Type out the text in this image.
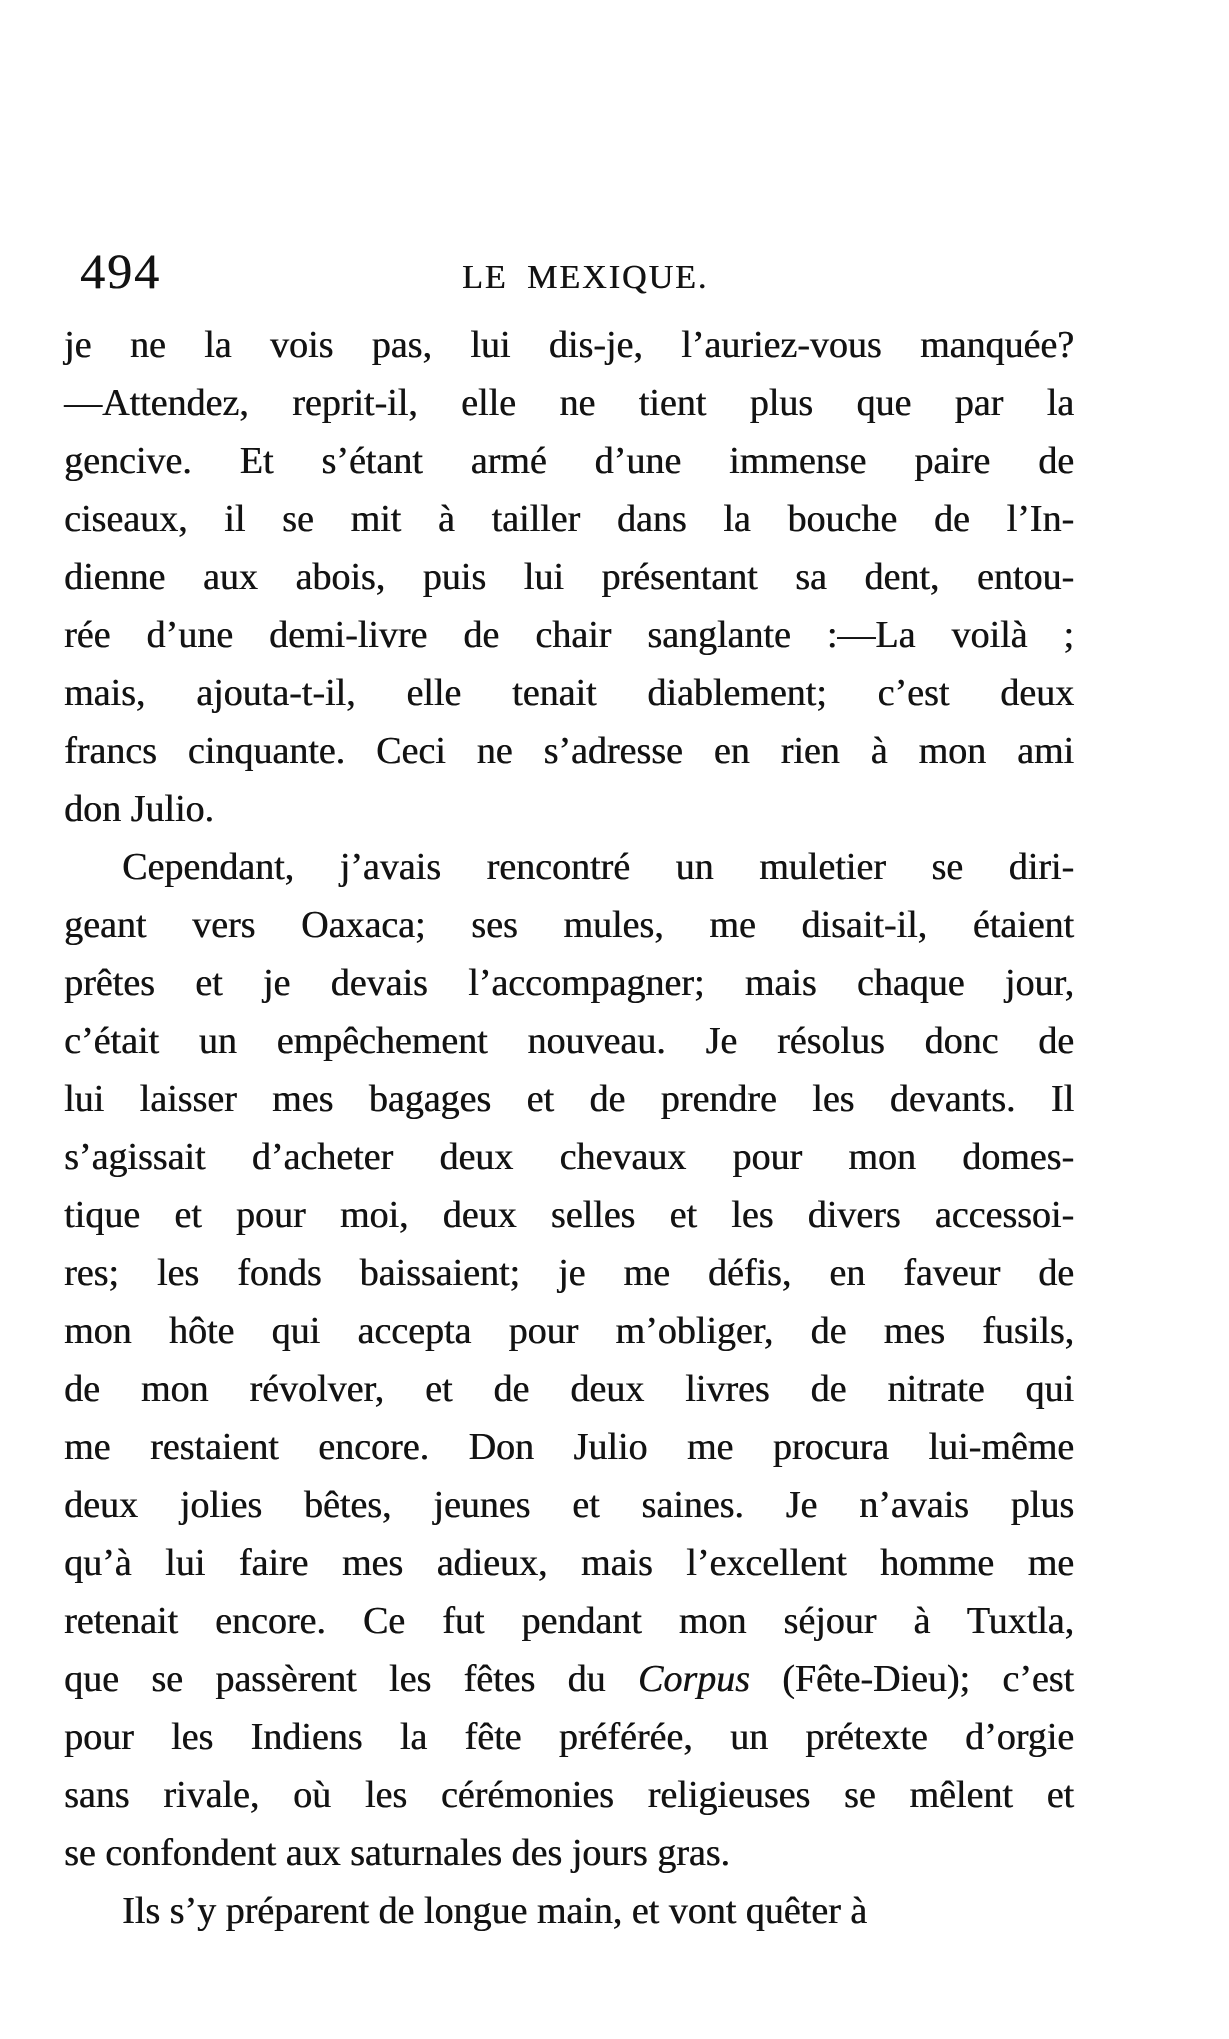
494	LE MEXIQUE.
je ne la vois pas, lui dis-je, l’auriez-vous manquée?
—Attendez, reprit-il, elle ne tient plus que par la
gencive. Et s’étant armé d’une immense paire de
ciseaux, il se mit à tailler dans la bouche de l’In-
dienne aux abois, puis lui présentant sa dent, entou-
rée d’une demi-livre de chair sanglante :—La voilà ;
mais, ajouta-t-il, elle tenait diablement; c’est deux
francs cinquante. Ceci ne s’adresse en rien à mon ami
don Julio.
Cependant, j’avais rencontré un muletier se diri-
geant vers Oaxaca; ses mules, me disait-il, étaient
prêtes et je devais l’accompagner; mais chaque jour,
c’était un empêchement nouveau. Je résolus donc de
lui laisser mes bagages et de prendre les devants. Il
s’agissait d’acheter deux chevaux pour mon domes-
tique et pour moi, deux selles et les divers accessoi-
res; les fonds baissaient; je me défis, en faveur de
mon hôte qui accepta pour m’obliger, de mes fusils,
de mon révolver, et de deux livres de nitrate qui
me restaient encore. Don Julio me procura lui-même
deux jolies bêtes, jeunes et saines. Je n’avais plus
qu’à lui faire mes adieux, mais l’excellent homme me
retenait encore. Ce fut pendant mon séjour à Tuxtla,
que se passèrent les fêtes du Corpus (Fête-Dieu); c’est
pour les Indiens la fête préférée, un prétexte d’orgie
sans rivale, où les cérémonies religieuses se mêlent et
se confondent aux saturnales des jours gras.
Ils s’y préparent de longue main, et vont quêter à
